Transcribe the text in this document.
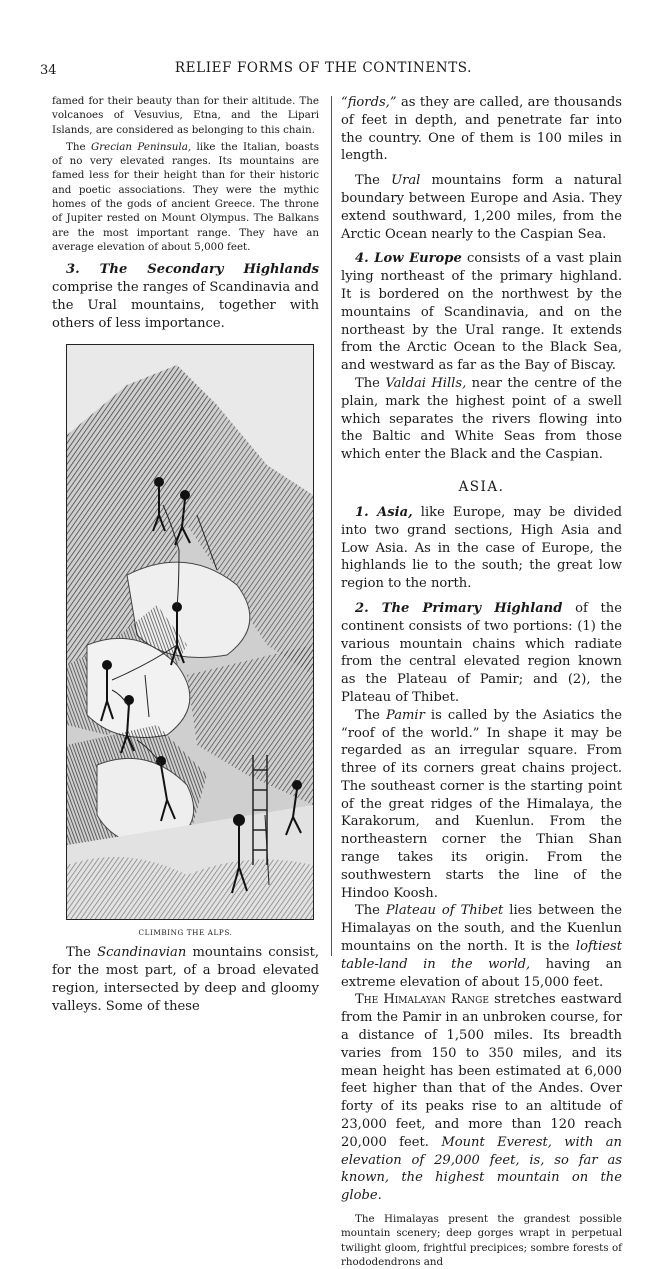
34	RELIEF FORMS OF THE CONTINENTS.

famed for their beauty than for their altitude. The volcanoes of Vesuvius, Etna, and the Lipari Islands, are considered as belonging to this chain.

The Grecian Peninsula, like the Italian, boasts of no very elevated ranges. Its mountains are famed less for their height than for their historic and poetic associations. They were the mythic homes of the gods of ancient Greece. The throne of Jupiter rested on Mount Olympus. The Balkans are the most important range. They have an average elevation of about 5,000 feet.

3. The Secondary Highlands comprise the ranges of Scandinavia and the Ural mountains, together with others of less importance.

CLIMBING THE ALPS.

The Scandinavian mountains consist, for the most part, of a broad elevated region, intersected by deep and gloomy valleys. Some of these

“fiords,” as they are called, are thousands of feet in depth, and penetrate far into the country. One of them is 100 miles in length.

The Ural mountains form a natural boundary between Europe and Asia. They extend southward, 1,200 miles, from the Arctic Ocean nearly to the Caspian Sea.

4. Low Europe consists of a vast plain lying northeast of the primary highland. It is bordered on the northwest by the mountains of Scandinavia, and on the northeast by the Ural range. It extends from the Arctic Ocean to the Black Sea, and westward as far as the Bay of Biscay.

The Valdai Hills, near the centre of the plain, mark the highest point of a swell which separates the rivers flowing into the Baltic and White Seas from those which enter the Black and the Caspian.

ASIA.

1. Asia, like Europe, may be divided into two grand sections, High Asia and Low Asia. As in the case of Europe, the highlands lie to the south; the great low region to the north.

2. The Primary Highland of the continent consists of two portions: (1) the various mountain chains which radiate from the central elevated region known as the Plateau of Pamir; and (2), the Plateau of Thibet.

The Pamir is called by the Asiatics the “roof of the world.” In shape it may be regarded as an irregular square. From three of its corners great chains project. The southeast corner is the starting point of the great ridges of the Himalaya, the Karakorum, and Kuenlun. From the northeastern corner the Thian Shan range takes its origin. From the southwestern starts the line of the Hindoo Koosh.

The Plateau of Thibet lies between the Himalayas on the south, and the Kuenlun mountains on the north. It is the loftiest table-land in the world, having an extreme elevation of about 15,000 feet.

The Himalayan Range stretches eastward from the Pamir in an unbroken course, for a distance of 1,500 miles. Its breadth varies from 150 to 350 miles, and its mean height has been estimated at 6,000 feet higher than that of the Andes. Over forty of its peaks rise to an altitude of 23,000 feet, and more than 120 reach 20,000 feet. Mount Everest, with an elevation of 29,000 feet, is, so far as known, the highest mountain on the globe.

The Himalayas present the grandest possible mountain scenery; deep gorges wrapt in perpetual twilight gloom, frightful precipices; sombre forests of rhododendrons and
